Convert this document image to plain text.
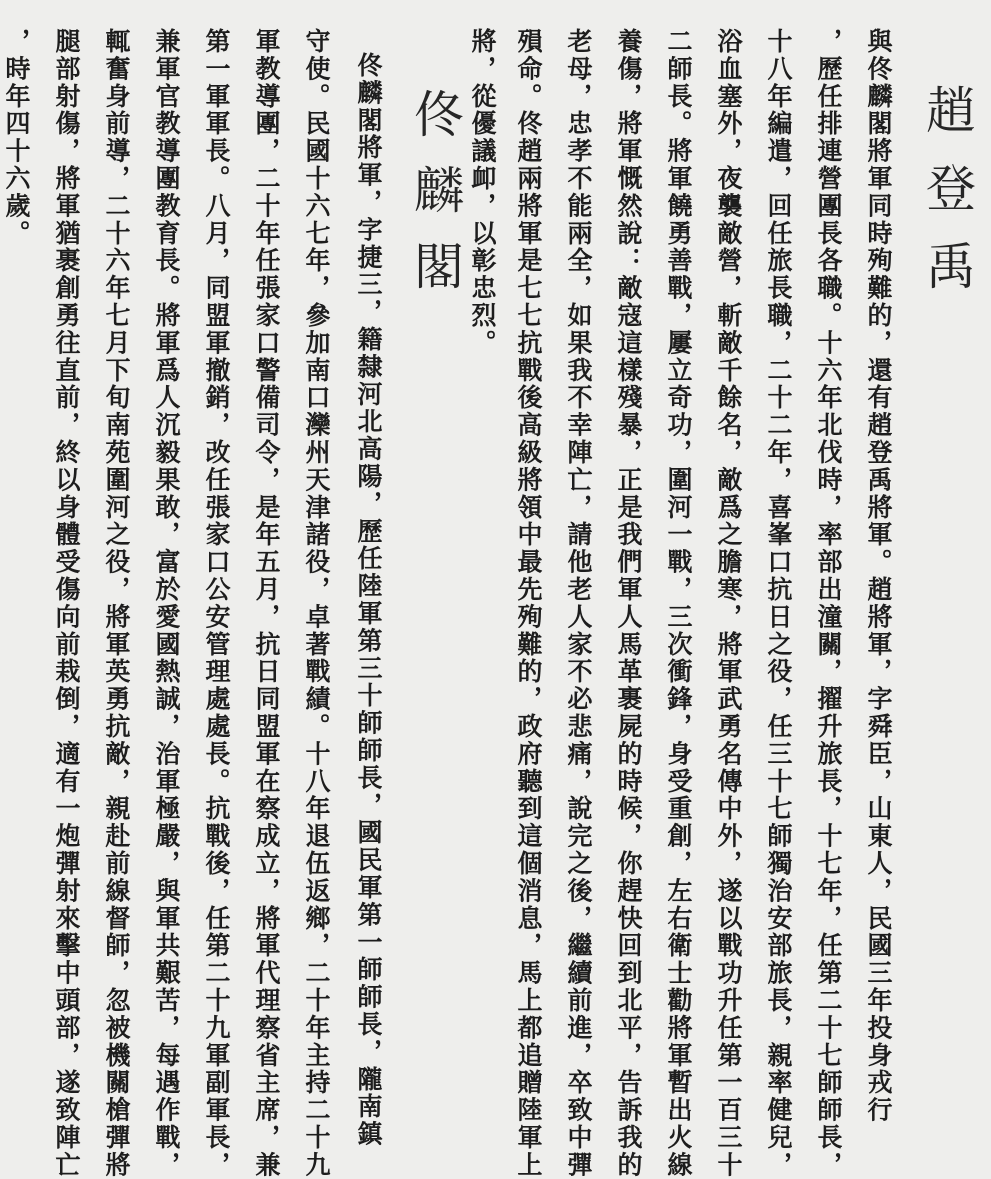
趙登禹
與佟麟閣將軍同時殉難的，還有趙登禹將軍。趙將軍，字舜臣，山東人，民國三年投身戎行
，歷任排連營團長各職。十六年北伐時，率部出潼關，擢升旅長，十七年，任第二十七師師長，
十八年編遣，回任旅長職，二十二年，喜峯口抗日之役，任三十七師獨治安部旅長，親率健兒，
浴血塞外，夜襲敵營，斬敵千餘名，敵爲之膽寒，將軍武勇名傳中外，遂以戰功升任第一百三十
二師長。將軍饒勇善戰，屢立奇功，圍河一戰，三次衝鋒，身受重創，左右衛士勸將軍暫出火線
養傷，將軍慨然說：敵寇這樣殘暴，正是我們軍人馬革裹屍的時候，你趕快回到北平，告訴我的
老母，忠孝不能兩全，如果我不幸陣亡，請他老人家不必悲痛，說完之後，繼續前進，卒致中彈
殞命。佟趙兩將軍是七七抗戰後高級將領中最先殉難的，政府聽到這個消息，馬上都追贈陸軍上
將，從優議卹，以彰忠烈。
佟麟閣
佟麟閣將軍，字捷三，籍隸河北高陽，歷任陸軍第三十師師長，國民軍第一師師長，隴南鎮
守使。民國十六七年，參加南口灤州天津諸役，卓著戰績。十八年退伍返鄉，二十年主持二十九
軍教導團，二十年任張家口警備司令，是年五月，抗日同盟軍在察成立，將軍代理察省主席，兼
第一軍軍長。八月，同盟軍撤銷，改任張家口公安管理處處長。抗戰後，任第二十九軍副軍長，
兼軍官教導團教育長。將軍爲人沉毅果敢，富於愛國熱誠，治軍極嚴，與軍共艱苦，每遇作戰，
輒奮身前導，二十六年七月下旬南苑圍河之役，將軍英勇抗敵，親赴前線督師，忽被機關槍彈將
腿部射傷，將軍猶裹創勇往直前，終以身體受傷向前栽倒，適有一炮彈射來擊中頭部，遂致陣亡
，時年四十六歲。
